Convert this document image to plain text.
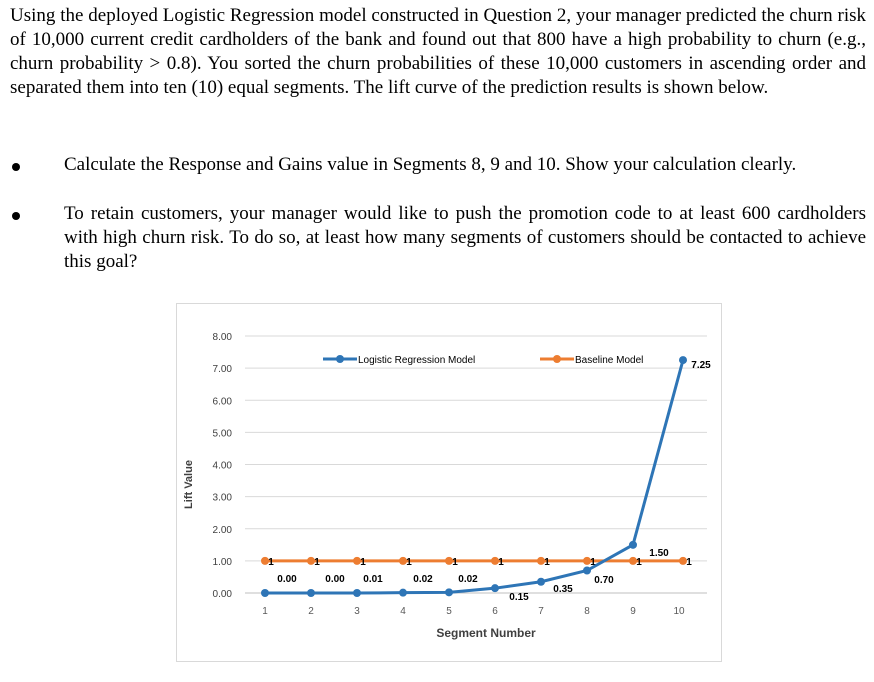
Using the deployed Logistic Regression model constructed in Question 2, your manager predicted the churn risk of 10,000 current credit cardholders of the bank and found out that 800 have a high probability to churn (e.g., churn probability > 0.8). You sorted the churn probabilities of these 10,000 customers in ascending order and separated them into ten (10) equal segments. The lift curve of the prediction results is shown below.

Calculate the Response and Gains value in Segments 8, 9 and 10. Show your calculation clearly.

To retain customers, your manager would like to push the promotion code to at least 600 cardholders with high churn risk. To do so, at least how many segments of customers should be contacted to achieve this goal?

0.00
1.00
2.00
3.00
4.00
5.00
6.00
7.00
8.00
1	2	3	4	5	6	7	8	9	10
Segment Number
Lift Value
1	1	1	1	1	1	1	1	1	1
0.00	0.00 0.01	0.02	0.02
0.15
0.35
0.70
1.50
7.25
Logistic Regression Model	Baseline Model
